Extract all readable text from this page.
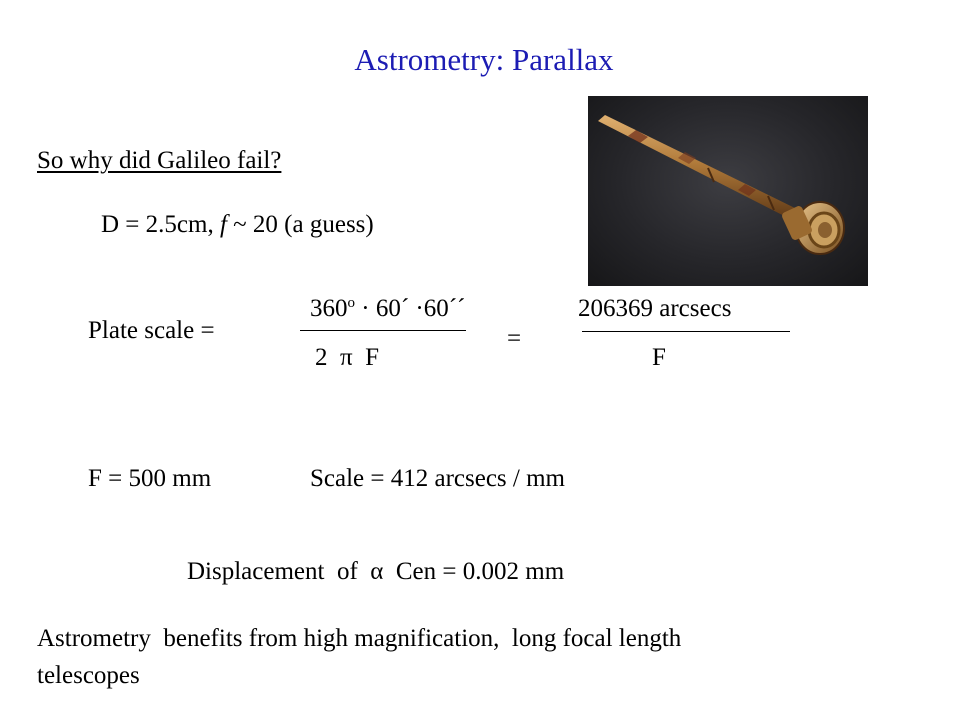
Astrometry: Parallax
So why did Galileo fail?
D = 2.5cm, f ~ 20 (a guess)
Plate scale =
$360^o$ · 60´ ·60´´
2  π  F
=
206369 arcsecs
F
F = 500 mm	Scale = 412 arcsecs / mm
Displacement  of  α  Cen = 0.002 mm
Astrometry  benefits from high magnification,  long focal length
telescopes
